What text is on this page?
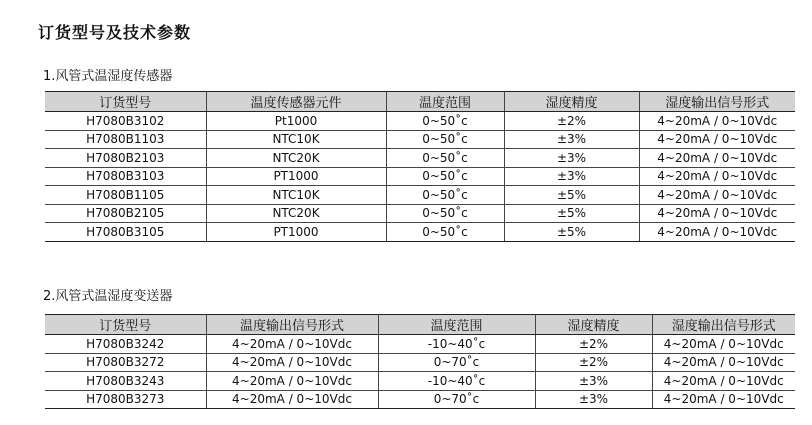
订货型号及技术参数
1.风管式温湿度传感器
订货型号	温度传感器元件	温度范围	湿度精度	湿度输出信号形式
H7080B3102	Pt1000	0~50˚c	±2%	4~20mA / 0~10Vdc
H7080B1103	NTC10K	0~50˚c	±3%	4~20mA / 0~10Vdc
H7080B2103	NTC20K	0~50˚c	±3%	4~20mA / 0~10Vdc
H7080B3103	PT1000	0~50˚c	±3%	4~20mA / 0~10Vdc
H7080B1105	NTC10K	0~50˚c	±5%	4~20mA / 0~10Vdc
H7080B2105	NTC20K	0~50˚c	±5%	4~20mA / 0~10Vdc
H7080B3105	PT1000	0~50˚c	±5%	4~20mA / 0~10Vdc
2.风管式温湿度变送器
订货型号	温度输出信号形式	温度范围	湿度精度	湿度输出信号形式
H7080B3242	4~20mA / 0~10Vdc	-10~40˚c	±2%	4~20mA / 0~10Vdc
H7080B3272	4~20mA / 0~10Vdc	0~70˚c	±2%	4~20mA / 0~10Vdc
H7080B3243	4~20mA / 0~10Vdc	-10~40˚c	±3%	4~20mA / 0~10Vdc
H7080B3273	4~20mA / 0~10Vdc	0~70˚c	±3%	4~20mA / 0~10Vdc
